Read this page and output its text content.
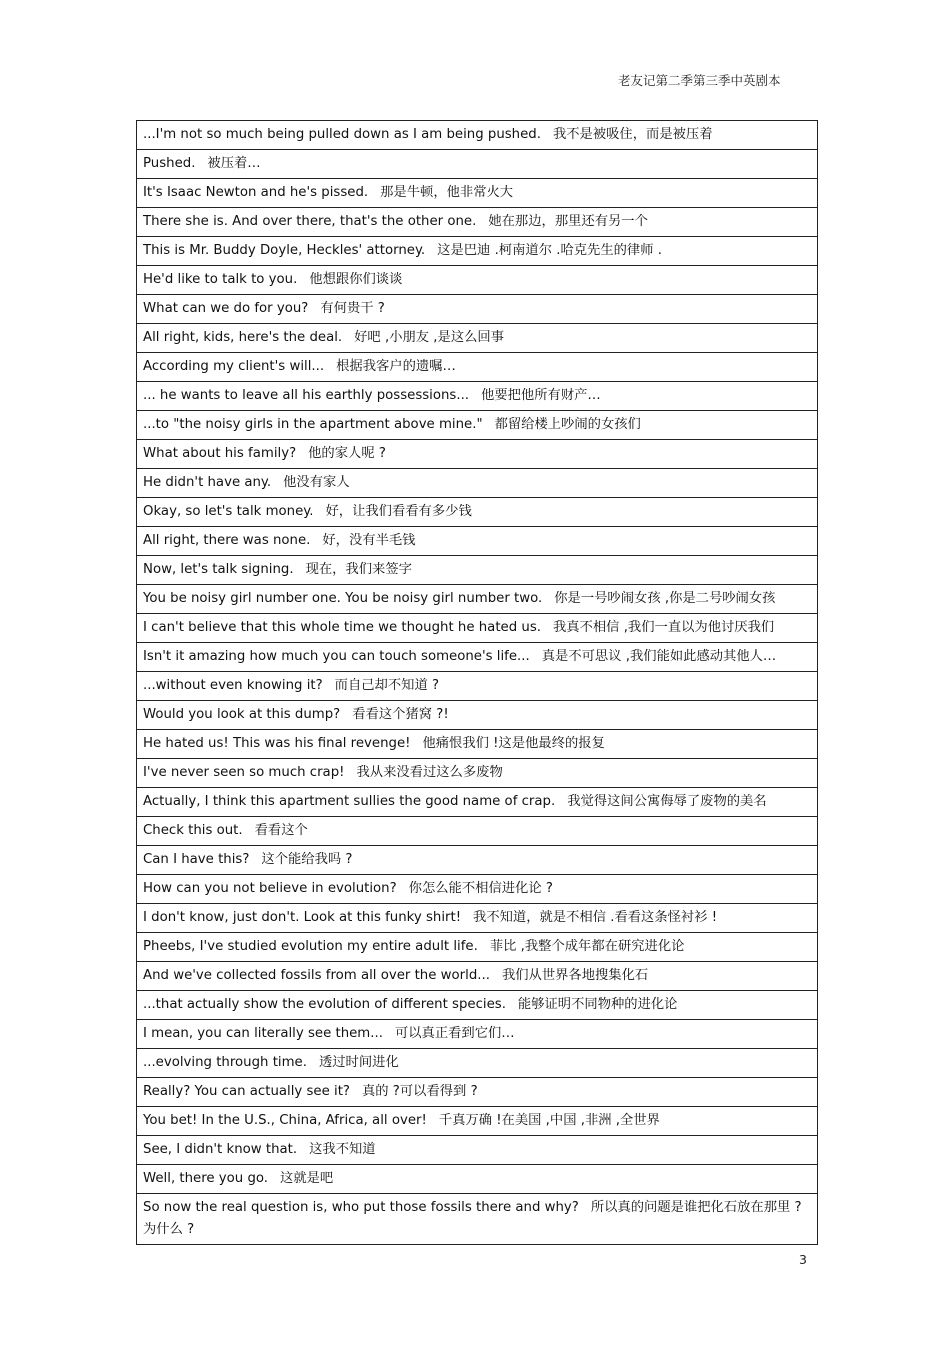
老友记第二季第三季中英剧本
...I'm not so much being pulled down as I am being pushed. 我不是被吸住，而是被压着
Pushed. 被压着…
It's Isaac Newton and he's pissed. 那是牛顿，他非常火大
There she is. And over there, that's the other one. 她在那边，那里还有另一个
This is Mr. Buddy Doyle, Heckles' attorney. 这是巴迪 .柯南道尔 .哈克先生的律师 .
He'd like to talk to you. 他想跟你们谈谈
What can we do for you? 有何贵干 ?
All right, kids, here's the deal. 好吧 ,小朋友 ,是这么回事
According my client's will... 根据我客户的遗嘱…
... he wants to leave all his earthly possessions... 他要把他所有财产…
...to "the noisy girls in the apartment above mine." 都留给楼上吵闹的女孩们
What about his family? 他的家人呢 ?
He didn't have any. 他没有家人
Okay, so let's talk money. 好，让我们看看有多少钱
All right, there was none. 好，没有半毛钱
Now, let's talk signing. 现在，我们来签字
You be noisy girl number one. You be noisy girl number two. 你是一号吵闹女孩 ,你是二号吵闹女孩
I can't believe that this whole time we thought he hated us. 我真不相信 ,我们一直以为他讨厌我们
Isn't it amazing how much you can touch someone's life... 真是不可思议 ,我们能如此感动其他人…
...without even knowing it? 而自己却不知道 ?
Would you look at this dump? 看看这个猪窝 ?!
He hated us! This was his final revenge! 他痛恨我们 !这是他最终的报复
I've never seen so much crap! 我从来没看过这么多废物
Actually, I think this apartment sullies the good name of crap. 我觉得这间公寓侮辱了废物的美名
Check this out. 看看这个
Can I have this? 这个能给我吗 ?
How can you not believe in evolution? 你怎么能不相信进化论 ?
I don't know, just don't. Look at this funky shirt! 我不知道，就是不相信 .看看这条怪衬衫 !
Pheebs, I've studied evolution my entire adult life. 菲比 ,我整个成年都在研究进化论
And we've collected fossils from all over the world... 我们从世界各地搜集化石
...that actually show the evolution of different species. 能够证明不同物种的进化论
I mean, you can literally see them... 可以真正看到它们…
...evolving through time. 透过时间进化
Really? You can actually see it? 真的 ?可以看得到 ?
You bet! In the U.S., China, Africa, all over! 千真万确 !在美国 ,中国 ,非洲 ,全世界
See, I didn't know that. 这我不知道
Well, there you go. 这就是吧
So now the real question is, who put those fossils there and why? 所以真的问题是谁把化石放在那里 ?为什么 ?
3
